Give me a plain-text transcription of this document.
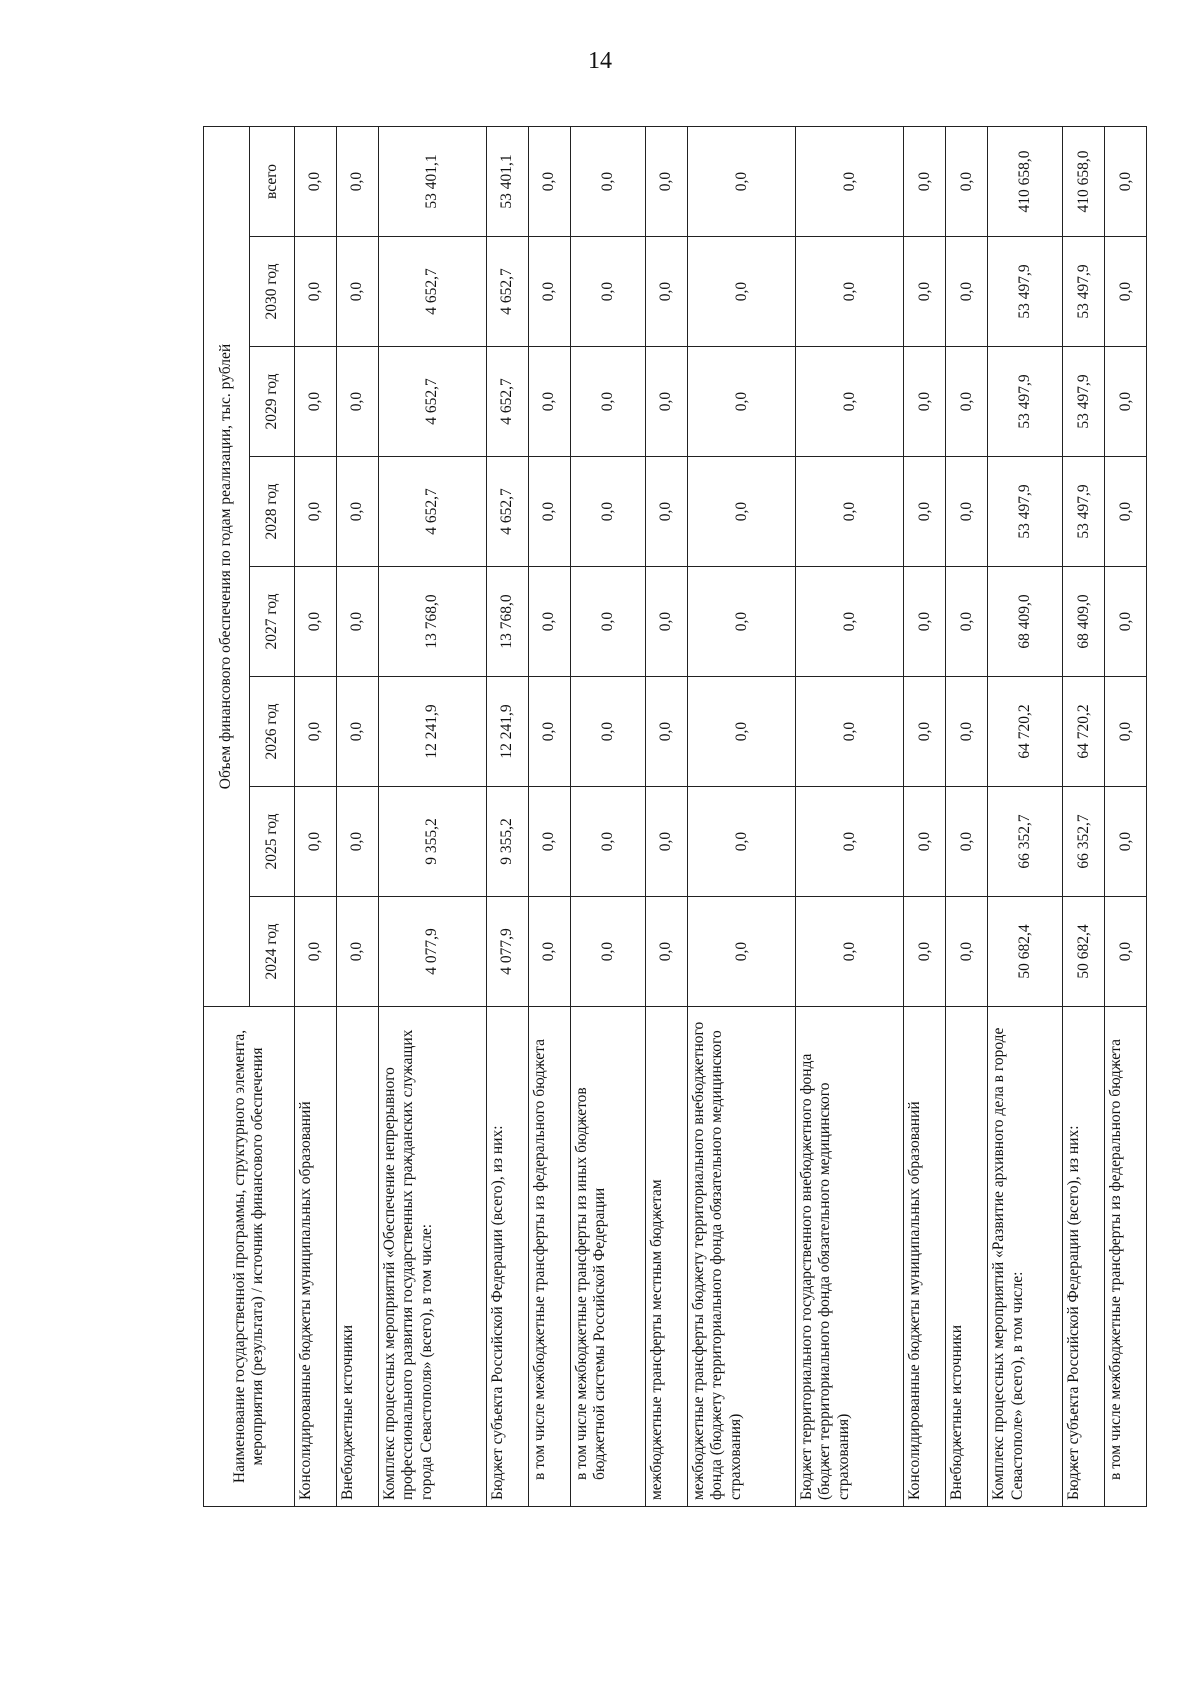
14
Наименование государственной программы, структурного элемента, мероприятия (результата) / источник финансового обеспечения	Объем финансового обеспечения по годам реализации, тыс. рублей							
	2024 год	2025 год	2026 год	2027 год	2028 год	2029 год	2030 год	всего
Консолидированные бюджеты муниципальных образований	0,0	0,0	0,0	0,0	0,0	0,0	0,0	0,0
Внебюджетные источники	0,0	0,0	0,0	0,0	0,0	0,0	0,0	0,0
Комплекс процессных мероприятий «Обеспечение непрерывного профессионального развития государственных гражданских служащих города Севастополя» (всего), в том числе:	4 077,9	9 355,2	12 241,9	13 768,0	4 652,7	4 652,7	4 652,7	53 401,1
Бюджет субъекта Российской Федерации (всего), из них:	4 077,9	9 355,2	12 241,9	13 768,0	4 652,7	4 652,7	4 652,7	53 401,1
в том числе межбюджетные трансферты из федерального бюджета	0,0	0,0	0,0	0,0	0,0	0,0	0,0	0,0
в том числе межбюджетные трансферты из иных бюджетов бюджетной системы Российской Федерации	0,0	0,0	0,0	0,0	0,0	0,0	0,0	0,0
межбюджетные трансферты местным бюджетам	0,0	0,0	0,0	0,0	0,0	0,0	0,0	0,0
межбюджетные трансферты бюджету территориального внебюджетного фонда (бюджету территориального фонда обязательного медицинского страхования)	0,0	0,0	0,0	0,0	0,0	0,0	0,0	0,0
Бюджет территориального государственного внебюджетного фонда (бюджет территориального фонда обязательного медицинского страхования)	0,0	0,0	0,0	0,0	0,0	0,0	0,0	0,0
Консолидированные бюджеты муниципальных образований	0,0	0,0	0,0	0,0	0,0	0,0	0,0	0,0
Внебюджетные источники	0,0	0,0	0,0	0,0	0,0	0,0	0,0	0,0
Комплекс процессных мероприятий «Развитие архивного дела в городе Севастополе» (всего), в том числе:	50 682,4	66 352,7	64 720,2	68 409,0	53 497,9	53 497,9	53 497,9	410 658,0
Бюджет субъекта Российской Федерации (всего), из них:	50 682,4	66 352,7	64 720,2	68 409,0	53 497,9	53 497,9	53 497,9	410 658,0
в том числе межбюджетные трансферты из федерального бюджета	0,0	0,0	0,0	0,0	0,0	0,0	0,0	0,0
